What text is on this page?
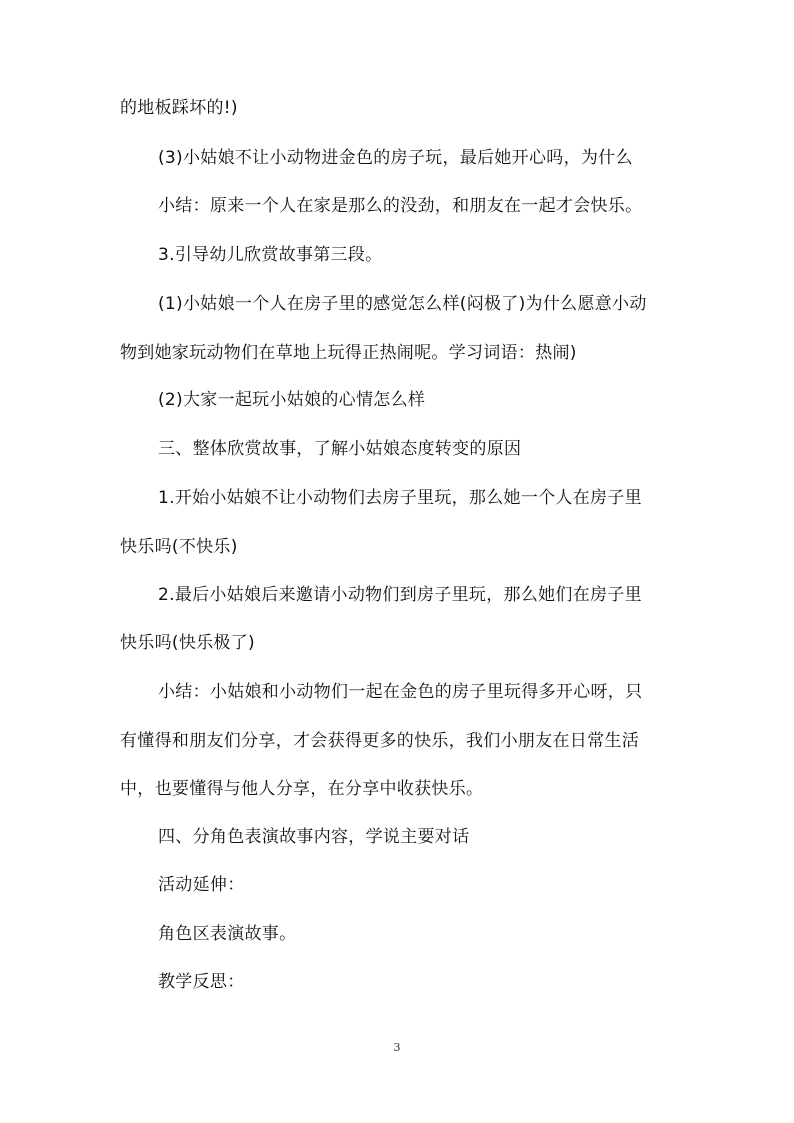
的地板踩坏的!)
(3)小姑娘不让小动物进金色的房子玩，最后她开心吗，为什么
小结：原来一个人在家是那么的没劲，和朋友在一起才会快乐。
3.引导幼儿欣赏故事第三段。
(1)小姑娘一个人在房子里的感觉怎么样(闷极了)为什么愿意小动
物到她家玩动物们在草地上玩得正热闹呢。学习词语：热闹)
(2)大家一起玩小姑娘的心情怎么样
三、整体欣赏故事，了解小姑娘态度转变的原因
1.开始小姑娘不让小动物们去房子里玩，那么她一个人在房子里
快乐吗(不快乐)
2.最后小姑娘后来邀请小动物们到房子里玩，那么她们在房子里
快乐吗(快乐极了)
小结：小姑娘和小动物们一起在金色的房子里玩得多开心呀，只
有懂得和朋友们分享，才会获得更多的快乐，我们小朋友在日常生活
中，也要懂得与他人分享，在分享中收获快乐。
四、分角色表演故事内容，学说主要对话
活动延伸：
角色区表演故事。
教学反思：
3
